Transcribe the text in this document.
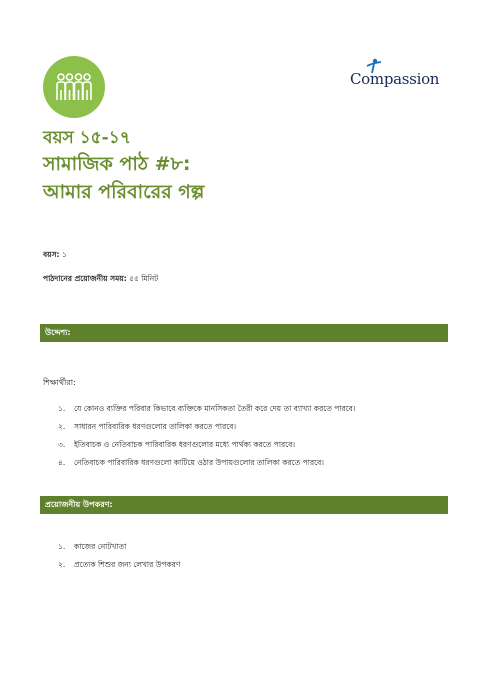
Compassion
বয়স ১৫-১৭
সামাজিক পাঠ #৮:
আমার পরিবারের গল্প
বয়স: ১
পাঠদানের প্রয়োজনীয় সময়: ৫৫ মিনিট
উদ্দেশ্য:
শিক্ষার্থীরা:
১. যে কোনও ব্যক্তির পরিবার কিভাবে ব্যক্তিকে মানসিকতা তৈরী করে দেয় তা ব্যাখ্যা করতে পারবে।
২. সাধারন পারিবারিক ধরণগুলোর তালিকা করতে পারবে।
৩. ইতিবাচক ও নেতিবাচক পারিবারিক ধরণগুলোর মধ্যে পার্থক্য করতে পারবে।
৪. নেতিবাচক পারিবারিক ধরণগুলো কাটিয়ে ওঠার উপায়গুলোর তালিকা করতে পারবে।
প্রয়োজনীয় উপকরণ:
১. কাজের নোটখাতা
২. প্রত্যেক শিশুর জন্য লেখার উপকরণ
